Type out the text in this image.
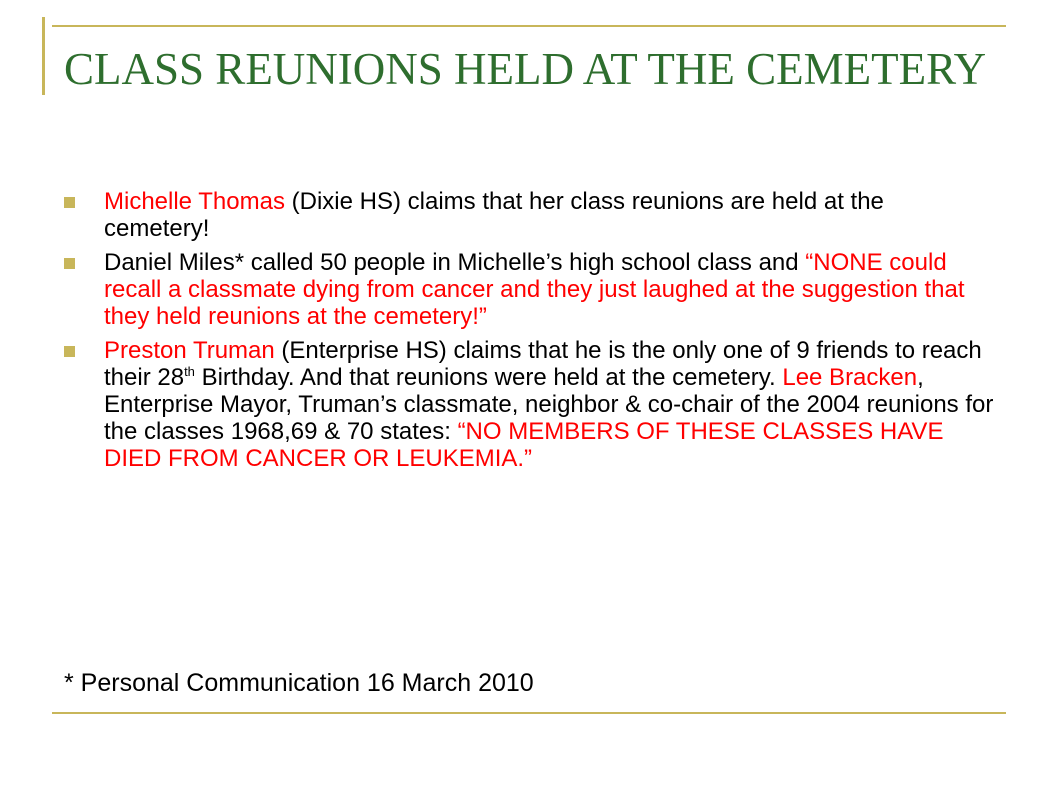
CLASS REUNIONS HELD AT THE CEMETERY
Michelle Thomas (Dixie HS) claims that her class reunions are held at the cemetery!
Daniel Miles* called 50 people in Michelle’s high school class and “NONE could recall a classmate dying from cancer and they just laughed at the suggestion that they held reunions at the cemetery!”
Preston Truman (Enterprise HS) claims that he is the only one of 9 friends to reach their 28th Birthday. And that reunions were held at the cemetery. Lee Bracken, Enterprise Mayor, Truman’s classmate, neighbor & co-chair of the 2004 reunions for the classes 1968,69 & 70 states: “NO MEMBERS OF THESE CLASSES HAVE DIED FROM CANCER OR LEUKEMIA.”
* Personal Communication 16 March 2010
